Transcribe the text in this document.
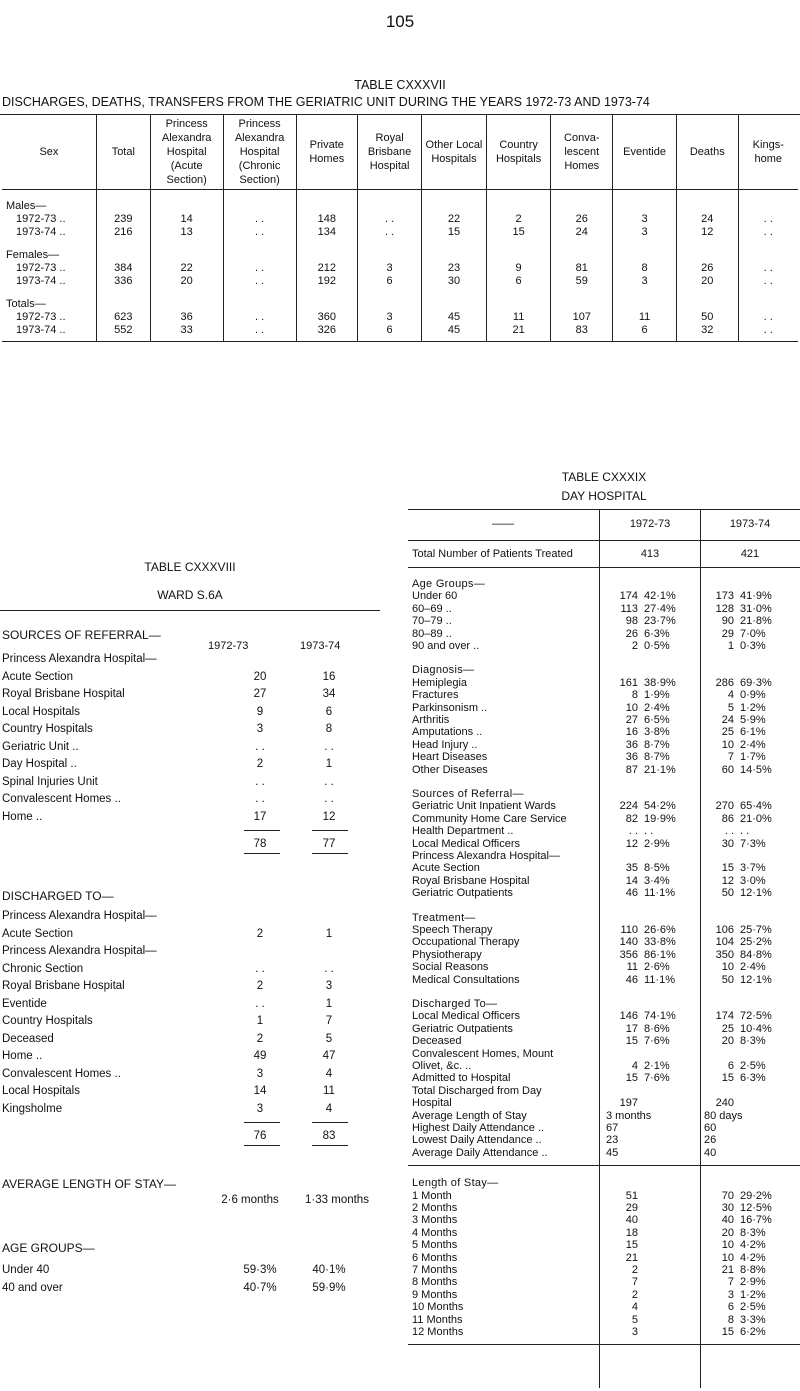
105
TABLE CXXXVII
DISCHARGES, DEATHS, TRANSFERS FROM THE GERIATRIC UNIT DURING THE YEARS 1972-73 AND 1973-74
Sex	Total	Princess Alexandra Hospital (Acute Section)	Princess Alexandra Hospital (Chronic Section)	Private Homes	Royal Brisbane Hospital	Other Local Hospitals	Country Hospitals	Conva- lescent Homes	Eventide	Deaths	Kings- home
Males—											
1972-73 ..	239	14	. .	148	. .	22	2	26	3	24	. .
1973-74 ..	216	13	. .	134	. .	15	15	24	3	12	. .
Females—											
1972-73 ..	384	22	. .	212	3	23	9	81	8	26	. .
1973-74 ..	336	20	. .	192	6	30	6	59	3	20	. .
Totals—											
1972-73 ..	623	36	. .	360	3	45	11	107	11	50	. .
1973-74 ..	552	33	. .	326	6	45	21	83	6	32	. .
TABLE CXXXVIII
WARD S.6A
SOURCES OF REFERRAL—
1972-73	1973-74
Princess Alexandra Hospital—
Acute Section	20	16
Royal Brisbane Hospital	27	34
Local Hospitals	9	6
Country Hospitals	3	8
Geriatric Unit ..	. .	. .
Day Hospital ..	2	1
Spinal Injuries Unit	. .	. .
Convalescent Homes ..	. .	. .
Home ..	17	12
78	77
DISCHARGED TO—
Princess Alexandra Hospital—
Acute Section	2	1
Princess Alexandra Hospital—
Chronic Section	. .	. .
Royal Brisbane Hospital	2	3
Eventide	. .	1
Country Hospitals	1	7
Deceased	2	5
Home ..	49	47
Convalescent Homes ..	3	4
Local Hospitals	14	11
Kingsholme	3	4
76	83
AVERAGE LENGTH OF STAY—
2·6 months	1·33 months
AGE GROUPS—
Under 40	59·3%	40·1%
40 and over	40·7%	59·9%
TABLE CXXXIX
DAY HOSPITAL
——	1972-73	1973-74
Total Number of Patients Treated	413	421
Age Groups—
Under 60	174 42·1%	173 41·9%
60–69 ..	113 27·4%	128 31·0%
70–79 ..	98 23·7%	90 21·8%
80–89 ..	26 6·3%	29 7·0%
90 and over ..	2 0·5%	1 0·3%
Diagnosis—
Hemiplegia	161 38·9%	286 69·3%
Fractures	8 1·9%	4 0·9%
Parkinsonism ..	10 2·4%	5 1·2%
Arthritis	27 6·5%	24 5·9%
Amputations ..	16 3·8%	25 6·1%
Head Injury ..	36 8·7%	10 2·4%
Heart Diseases	36 8·7%	7 1·7%
Other Diseases	87 21·1%	60 14·5%
Sources of Referral—
Geriatric Unit Inpatient Wards	224 54·2%	270 65·4%
Community Home Care Service	82 19·9%	86 21·0%
Health Department ..	. . . .	. . . .
Local Medical Officers	12 2·9%	30 7·3%
Princess Alexandra Hospital—
Acute Section	35 8·5%	15 3·7%
Royal Brisbane Hospital	14 3·4%	12 3·0%
Geriatric Outpatients	46 11·1%	50 12·1%
Treatment—
Speech Therapy	110 26·6%	106 25·7%
Occupational Therapy	140 33·8%	104 25·2%
Physiotherapy	356 86·1%	350 84·8%
Social Reasons	11 2·6%	10 2·4%
Medical Consultations	46 11·1%	50 12·1%
Discharged To—
Local Medical Officers	146 74·1%	174 72·5%
Geriatric Outpatients	17 8·6%	25 10·4%
Deceased	15 7·6%	20 8·3%
Convalescent Homes, Mount
Olivet, &c. ..	4 2·1%	6 2·5%
Admitted to Hospital	15 7·6%	15 6·3%
Total Discharged from Day
Hospital	197	240
Average Length of Stay	3 months	80 days
Highest Daily Attendance ..	67	60
Lowest Daily Attendance ..	23	26
Average Daily Attendance ..	45	40
Length of Stay—
1 Month	51	70 29·2%
2 Months	29	30 12·5%
3 Months	40	40 16·7%
4 Months	18	20 8·3%
5 Months	15	10 4·2%
6 Months	21	10 4·2%
7 Months	2	21 8·8%
8 Months	7	7 2·9%
9 Months	2	3 1·2%
10 Months	4	6 2·5%
11 Months	5	8 3·3%
12 Months	3	15 6·2%
